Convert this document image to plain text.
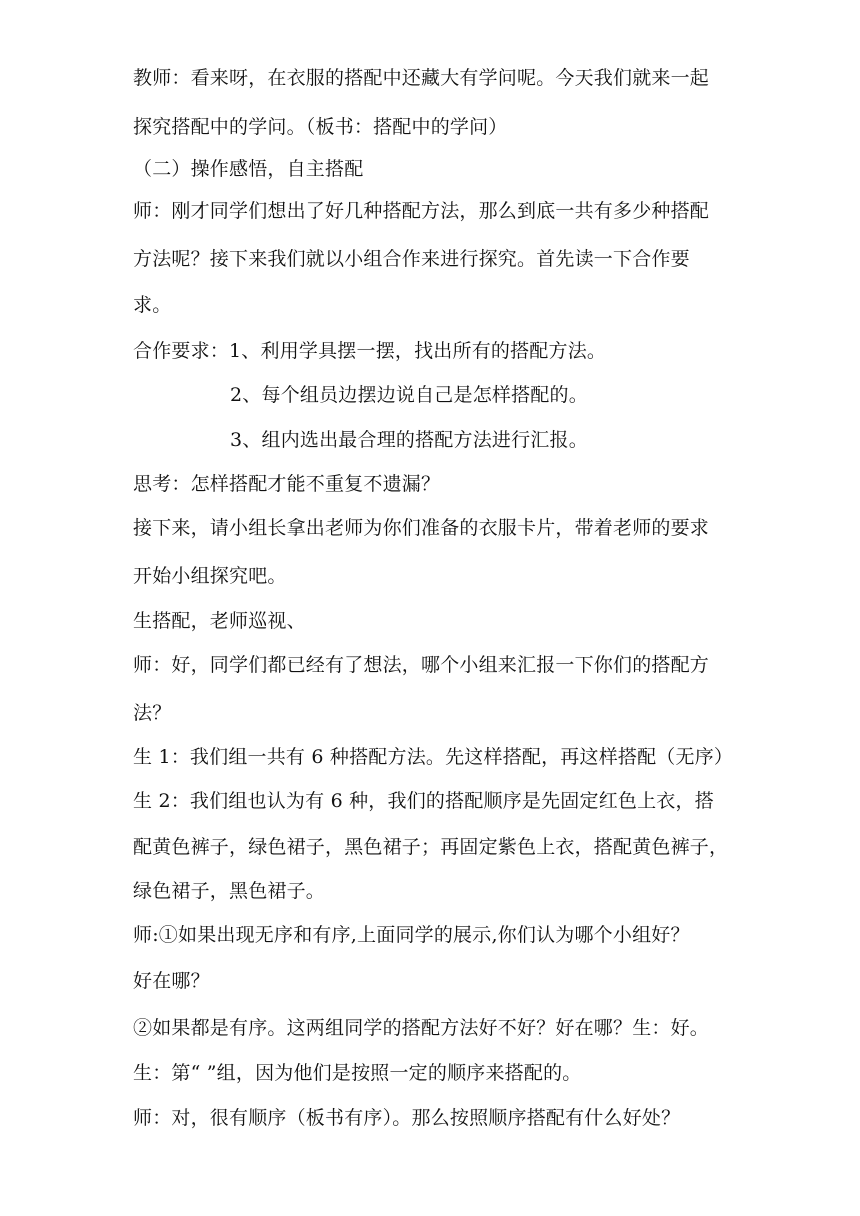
教师：看来呀，在衣服的搭配中还藏大有学问呢。今天我们就来一起
探究搭配中的学问。（板书：搭配中的学问）
（二）操作感悟，自主搭配
师：刚才同学们想出了好几种搭配方法，那么到底一共有多少种搭配
方法呢？接下来我们就以小组合作来进行探究。首先读一下合作要
求。
合作要求：1、利用学具摆一摆，找出所有的搭配方法。
2、每个组员边摆边说自己是怎样搭配的。
3、组内选出最合理的搭配方法进行汇报。
思考：怎样搭配才能不重复不遗漏？
接下来，请小组长拿出老师为你们准备的衣服卡片，带着老师的要求
开始小组探究吧。
生搭配，老师巡视、
师：好，同学们都已经有了想法，哪个小组来汇报一下你们的搭配方
法？
生 1：我们组一共有 6 种搭配方法。先这样搭配，再这样搭配（无序）
生 2：我们组也认为有 6 种，我们的搭配顺序是先固定红色上衣，搭
配黄色裤子，绿色裙子，黑色裙子；再固定紫色上衣，搭配黄色裤子，
绿色裙子，黑色裙子。
师:①如果出现无序和有序,上面同学的展示,你们认为哪个小组好？
好在哪？
②如果都是有序。这两组同学的搭配方法好不好？好在哪？生：好。
生：第“ ”组，因为他们是按照一定的顺序来搭配的。
师：对，很有顺序（板书有序）。那么按照顺序搭配有什么好处？
